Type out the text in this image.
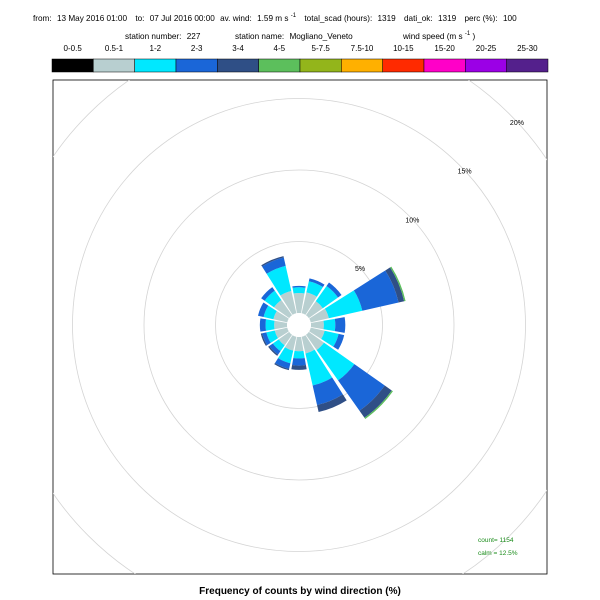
from: 13 May 2016 01:00 to: 07 Jul 2016 00:00 av. wind: 1.59 m s $^{-1}$ total_scad (hours): 1319 dati_ok: 1319 perc (%): 100
station number: 227	station name: Mogliano_Veneto	wind speed (m s $^{-1}$ )
0-0.5	0.5-1	1-2	2-3	3-4	4-5	5-7.5	7.5-10 10-15	15-20	20-25	25-30
5%
10%
15%
20%
count= 1154
calm = 12.5%
Frequency of counts by wind direction (%)
